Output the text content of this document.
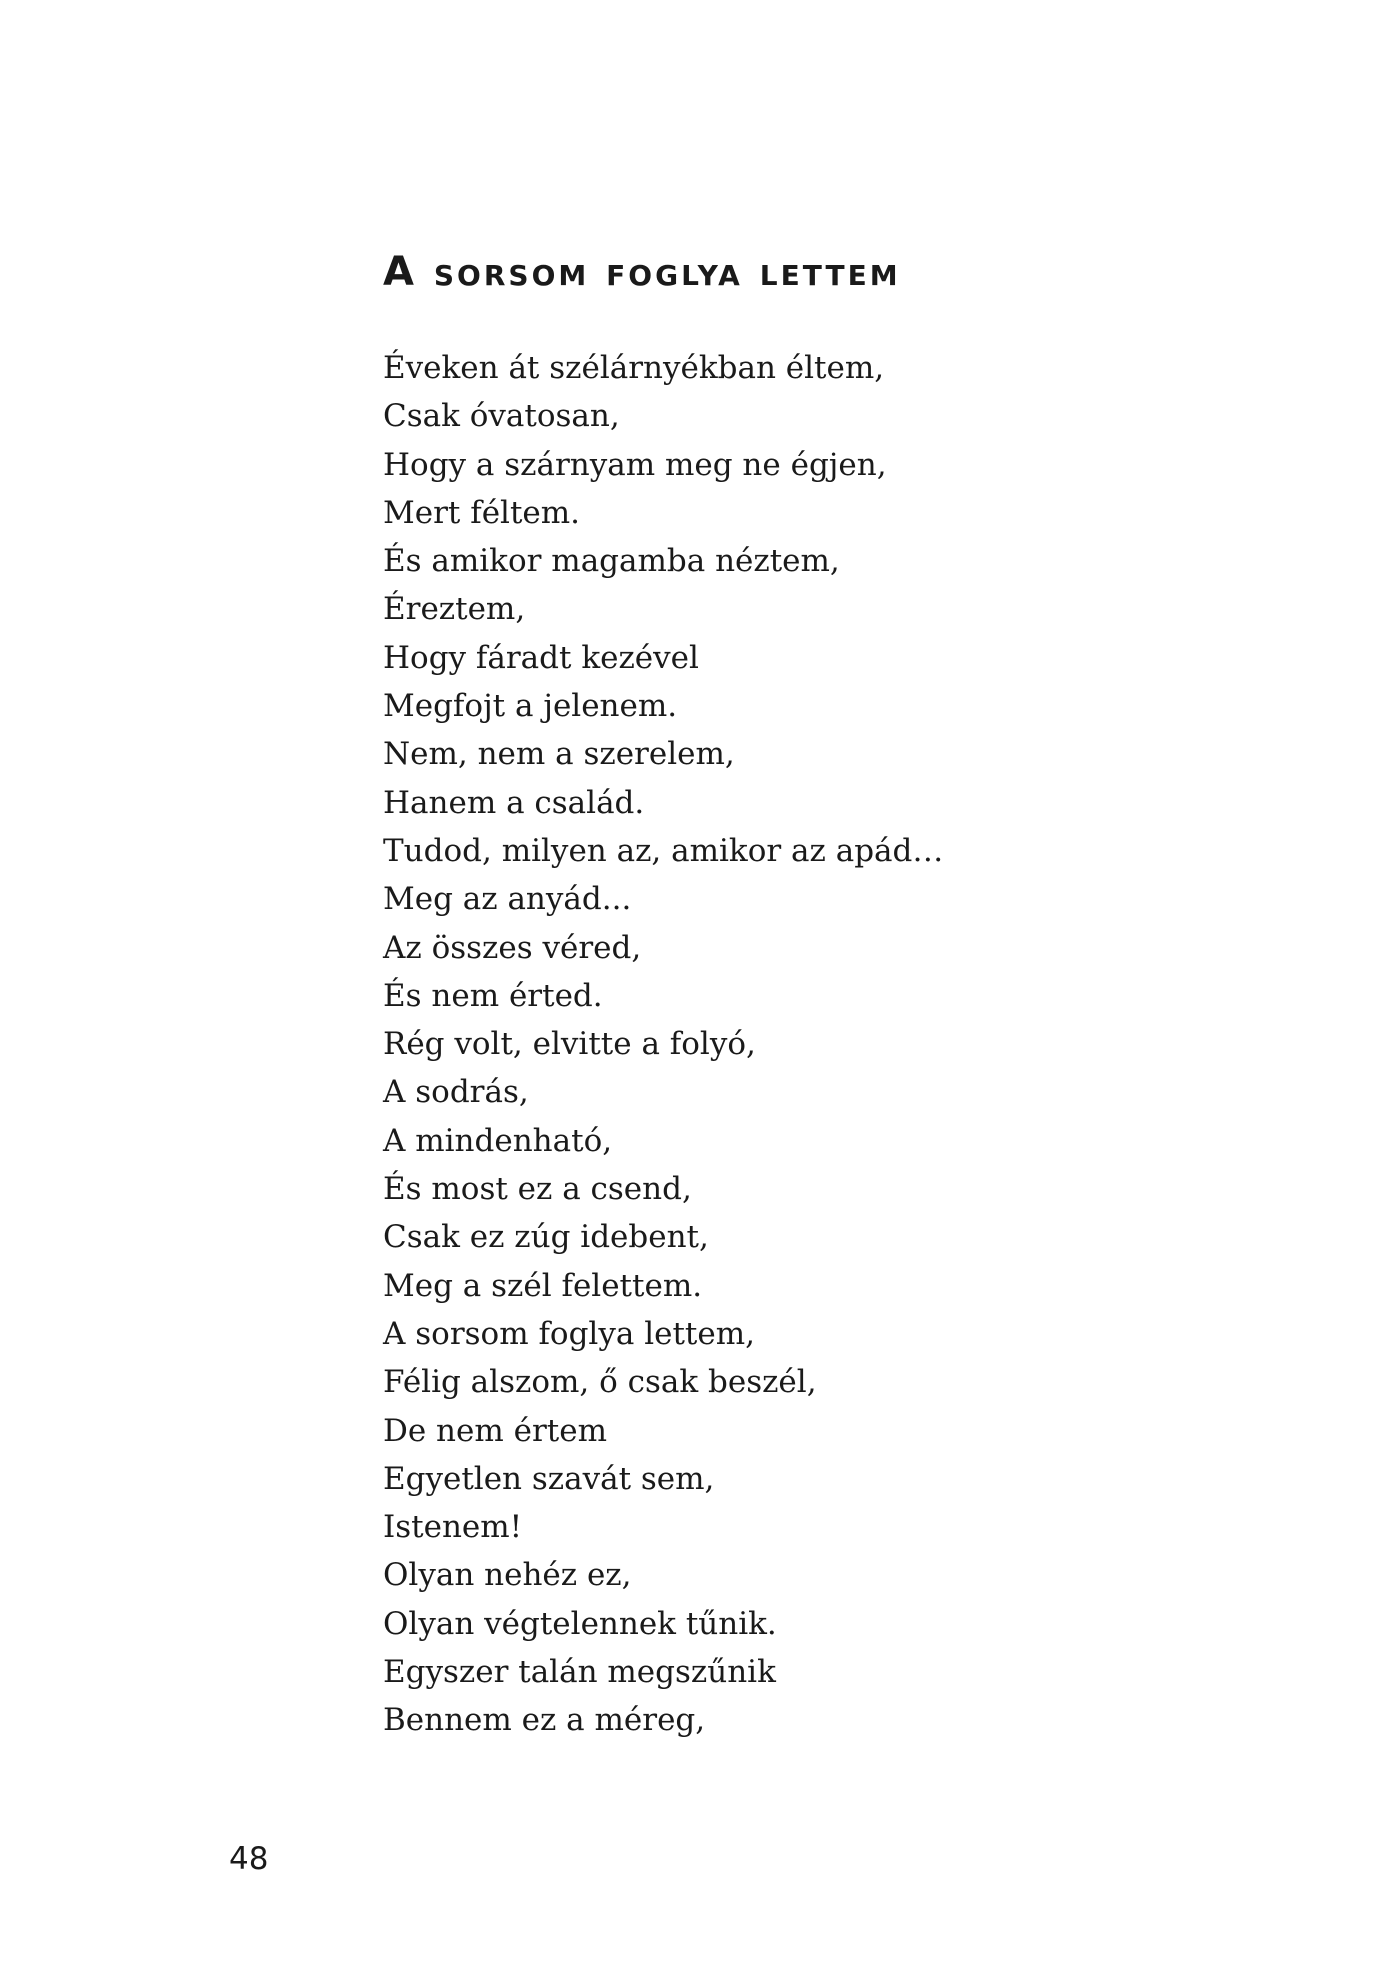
A sorsom foglya lettem
Éveken át szélárnyékban éltem,
Csak óvatosan,
Hogy a szárnyam meg ne égjen,
Mert féltem.
És amikor magamba néztem,
Éreztem,
Hogy fáradt kezével
Megfojt a jelenem.
Nem, nem a szerelem,
Hanem a család.
Tudod, milyen az, amikor az apád…
Meg az anyád...
Az összes véred,
És nem érted.
Rég volt, elvitte a folyó,
A sodrás,
A mindenható,
És most ez a csend,
Csak ez zúg idebent,
Meg a szél felettem.
A sorsom foglya lettem,
Félig alszom, ő csak beszél,
De nem értem
Egyetlen szavát sem,
Istenem!
Olyan nehéz ez,
Olyan végtelennek tűnik.
Egyszer talán megszűnik
Bennem ez a méreg,
48
